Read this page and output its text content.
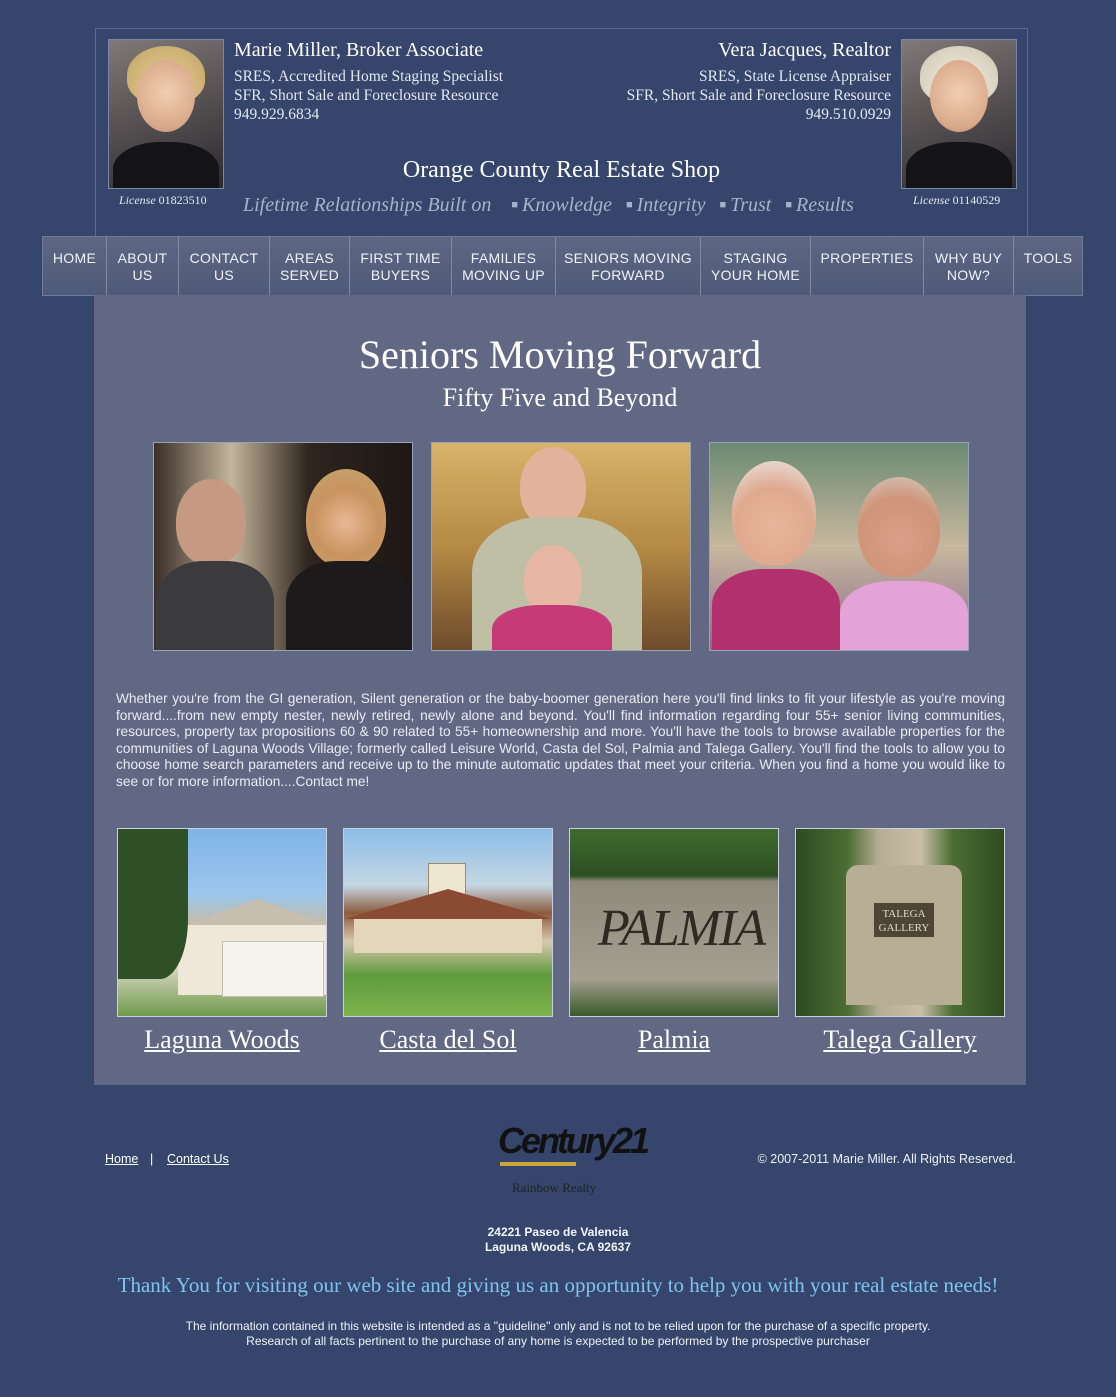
License 01823510
Marie Miller, Broker Associate
SRES, Accredited Home Staging Specialist
SFR, Short Sale and Foreclosure Resource
949.929.6834
Vera Jacques, Realtor
SRES, State License Appraiser
SFR, Short Sale and Foreclosure Resource
949.510.0929
License 01140529
Orange County Real Estate Shop
Lifetime Relationships Built on ■ Knowledge ■ Integrity ■ Trust ■ Results
HOME ABOUT
US
CONTACT
US
AREAS
SERVED
FIRST TIME
BUYERS
FAMILIES
MOVING UP
SENIORS MOVING
FORWARD
STAGING
YOUR HOME
PROPERTIES WHY BUY
NOW?
TOOLS
Seniors Moving Forward
Fifty Five and Beyond
Whether you're from the GI generation, Silent generation or the baby-boomer generation here you'll find links to fit your lifestyle as you're moving forward....from new empty nester, newly retired, newly alone and beyond. You'll find information regarding four 55+ senior living communities, resources, property tax propositions 60 & 90 related to 55+ homeownership and more. You'll have the tools to browse available properties for the communities of Laguna Woods Village; formerly called Leisure World, Casta del Sol, Palmia and Talega Gallery. You'll find the tools to allow you to choose home search parameters and receive up to the minute automatic updates that meet your criteria. When you find a home you would like to see or for more information....Contact me!
Laguna Woods	Casta del Sol
PALMIA
Palmia
TALEGA
GALLERY
Talega Gallery
Home | Contact Us	Century21
Rainbow Realty
© 2007-2011 Marie Miller. All Rights Reserved.
24221 Paseo de Valencia
Laguna Woods, CA 92637
Thank You for visiting our web site and giving us an opportunity to help you with your real estate needs!
The information contained in this website is intended as a "guideline" only and is not to be relied upon for the purchase of a specific property.
Research of all facts pertinent to the purchase of any home is expected to be performed by the prospective purchaser
